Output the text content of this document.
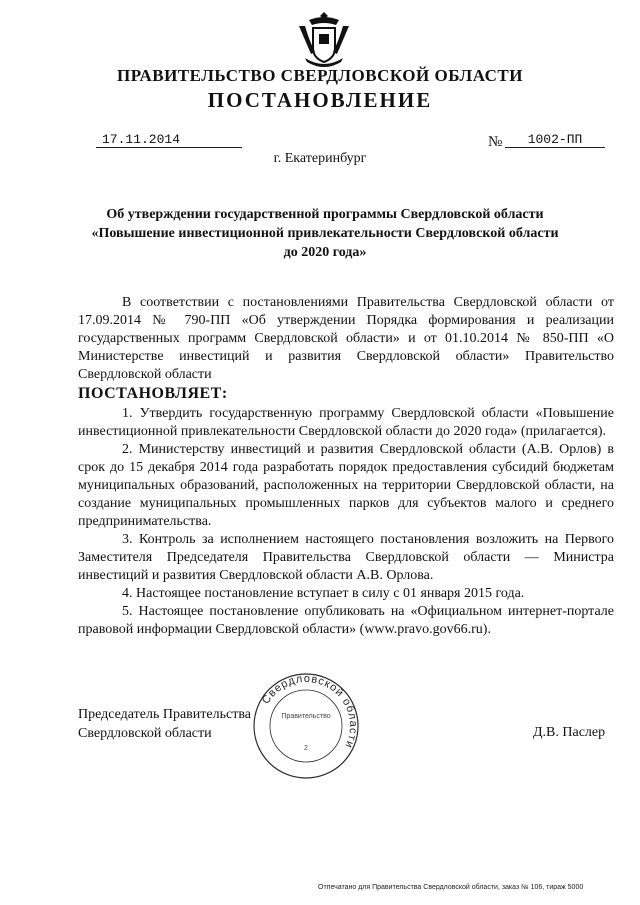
ПРАВИТЕЛЬСТВО СВЕРДЛОВСКОЙ ОБЛАСТИ
ПОСТАНОВЛЕНИЕ
17.11.2014	№	1002-ПП
г. Екатеринбург
Об утверждении государственной программы Свердловской области
«Повышение инвестиционной привлекательности Свердловской области
до 2020 года»

В соответствии с постановлениями Правительства Свердловской области от 17.09.2014 № 790-ПП «Об утверждении Порядка формирования и реализации государственных программ Свердловской области» и от 01.10.2014 № 850-ПП «О Министерстве инвестиций и развития Свердловской области» Правительство Свердловской области

ПОСТАНОВЛЯЕТ:

1. Утвердить государственную программу Свердловской области «Повышение инвестиционной привлекательности Свердловской области до 2020 года» (прилагается).

2. Министерству инвестиций и развития Свердловской области (А.В. Орлов) в срок до 15 декабря 2014 года разработать порядок предоставления субсидий бюджетам муниципальных образований, расположенных на территории Свердловской области, на создание муниципальных промышленных парков для субъектов малого и среднего предпринимательства.

3. Контроль за исполнением настоящего постановления возложить на Первого Заместителя Председателя Правительства Свердловской области — Министра инвестиций и развития Свердловской области А.В. Орлова.

4. Настоящее постановление вступает в силу с 01 января 2015 года.

5. Настоящее постановление опубликовать на «Официальном интернет-портале правовой информации Свердловской области» (www.pravo.gov66.ru).

Свердловской области
Правительство
2
Председатель Правительства
Свердловской области	Д.В. Паслер
Отпечатано для Правительства Свердловской области, заказ № 106, тираж 5000
